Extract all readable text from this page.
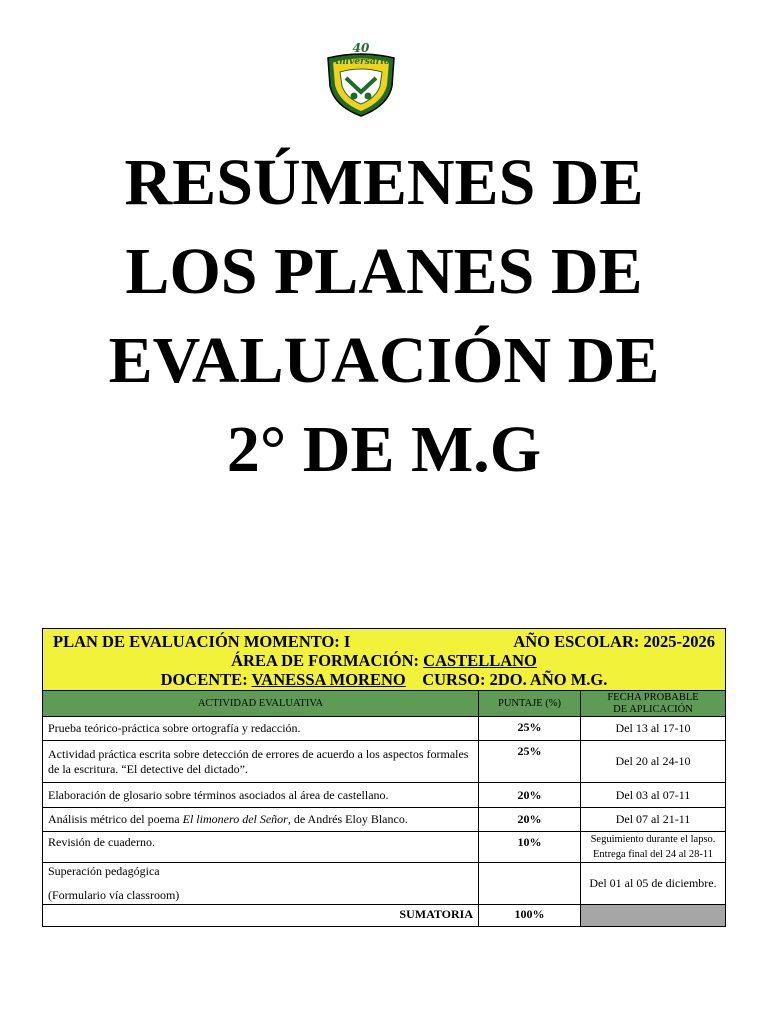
40
Aniversario
RESÚMENES DE
LOS PLANES DE
EVALUACIÓN DE
2° DE M.G
PLAN DE EVALUACIÓN MOMENTO: I AÑO ESCOLAR: 2025-2026
ÁREA DE FORMACIÓN: CASTELLANO
DOCENTE: VANESSA MORENO CURSO: 2DO. AÑO M.G.		

ACTIVIDAD EVALUATIVA	PUNTAJE (%)	FECHA PROBABLE
DE APLICACIÓN

Prueba teórico-práctica sobre ortografía y redacción.	25%	Del 13 al 17-10
Actividad práctica escrita sobre detección de errores de acuerdo a los aspectos formales de la escritura. “El detective del dictado”.	25%	Del 20 al 24-10
Elaboración de glosario sobre términos asociados al área de castellano.	20%	Del 03 al 07-11
Análisis métrico del poema El limonero del Señor, de Andrés Eloy Blanco.	20%	Del 07 al 21-11
Revisión de cuaderno.	10%	Seguimiento durante el lapso.
Entrega final del 24 al 28-11

Superación pedagógica
(Formulario vía classroom)		Del 01 al 05 de diciembre.
SUMATORIA	100%	
